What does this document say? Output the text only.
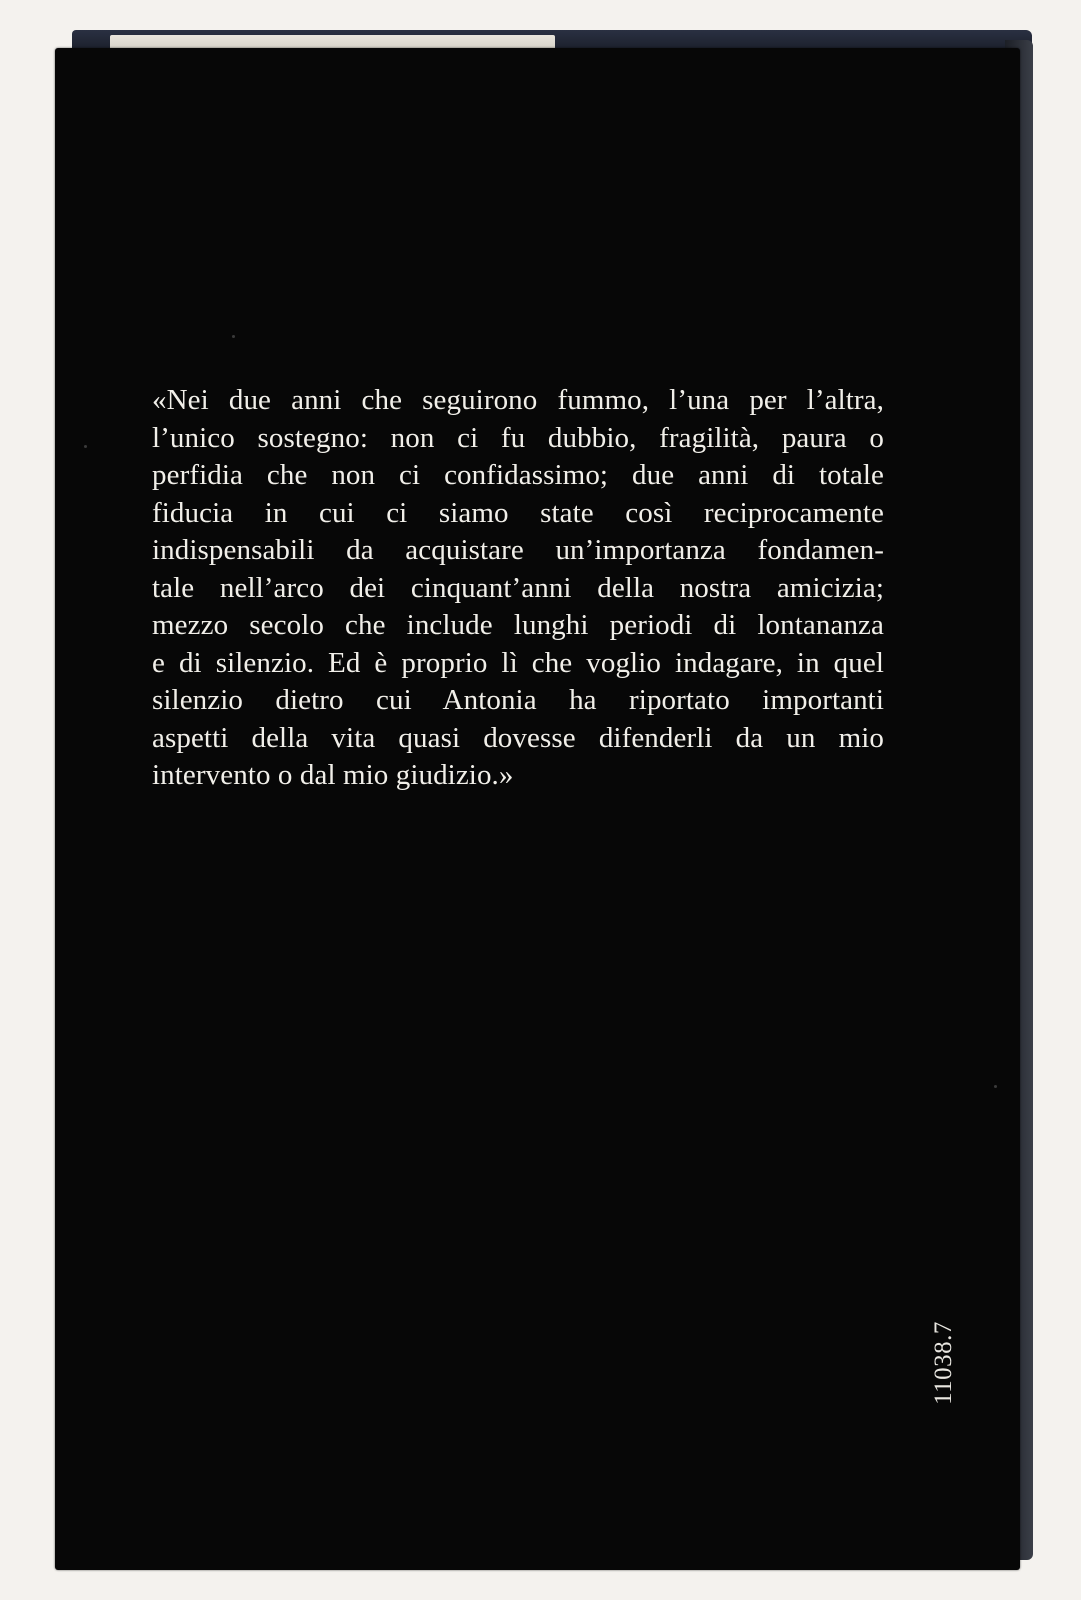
«Nei due anni che seguirono fummo, l’una per l’altra,
l’unico sostegno: non ci fu dubbio, fragilità, paura o
perfidia che non ci confidassimo; due anni di totale
fiducia in cui ci siamo state così reciprocamente
indispensabili da acquistare un’importanza fondamen-
tale nell’arco dei cinquant’anni della nostra amicizia;
mezzo secolo che include lunghi periodi di lontananza
e di silenzio. Ed è proprio lì che voglio indagare, in quel
silenzio dietro cui Antonia ha riportato importanti
aspetti della vita quasi dovesse difenderli da un mio
intervento o dal mio giudizio.»
11038.7
